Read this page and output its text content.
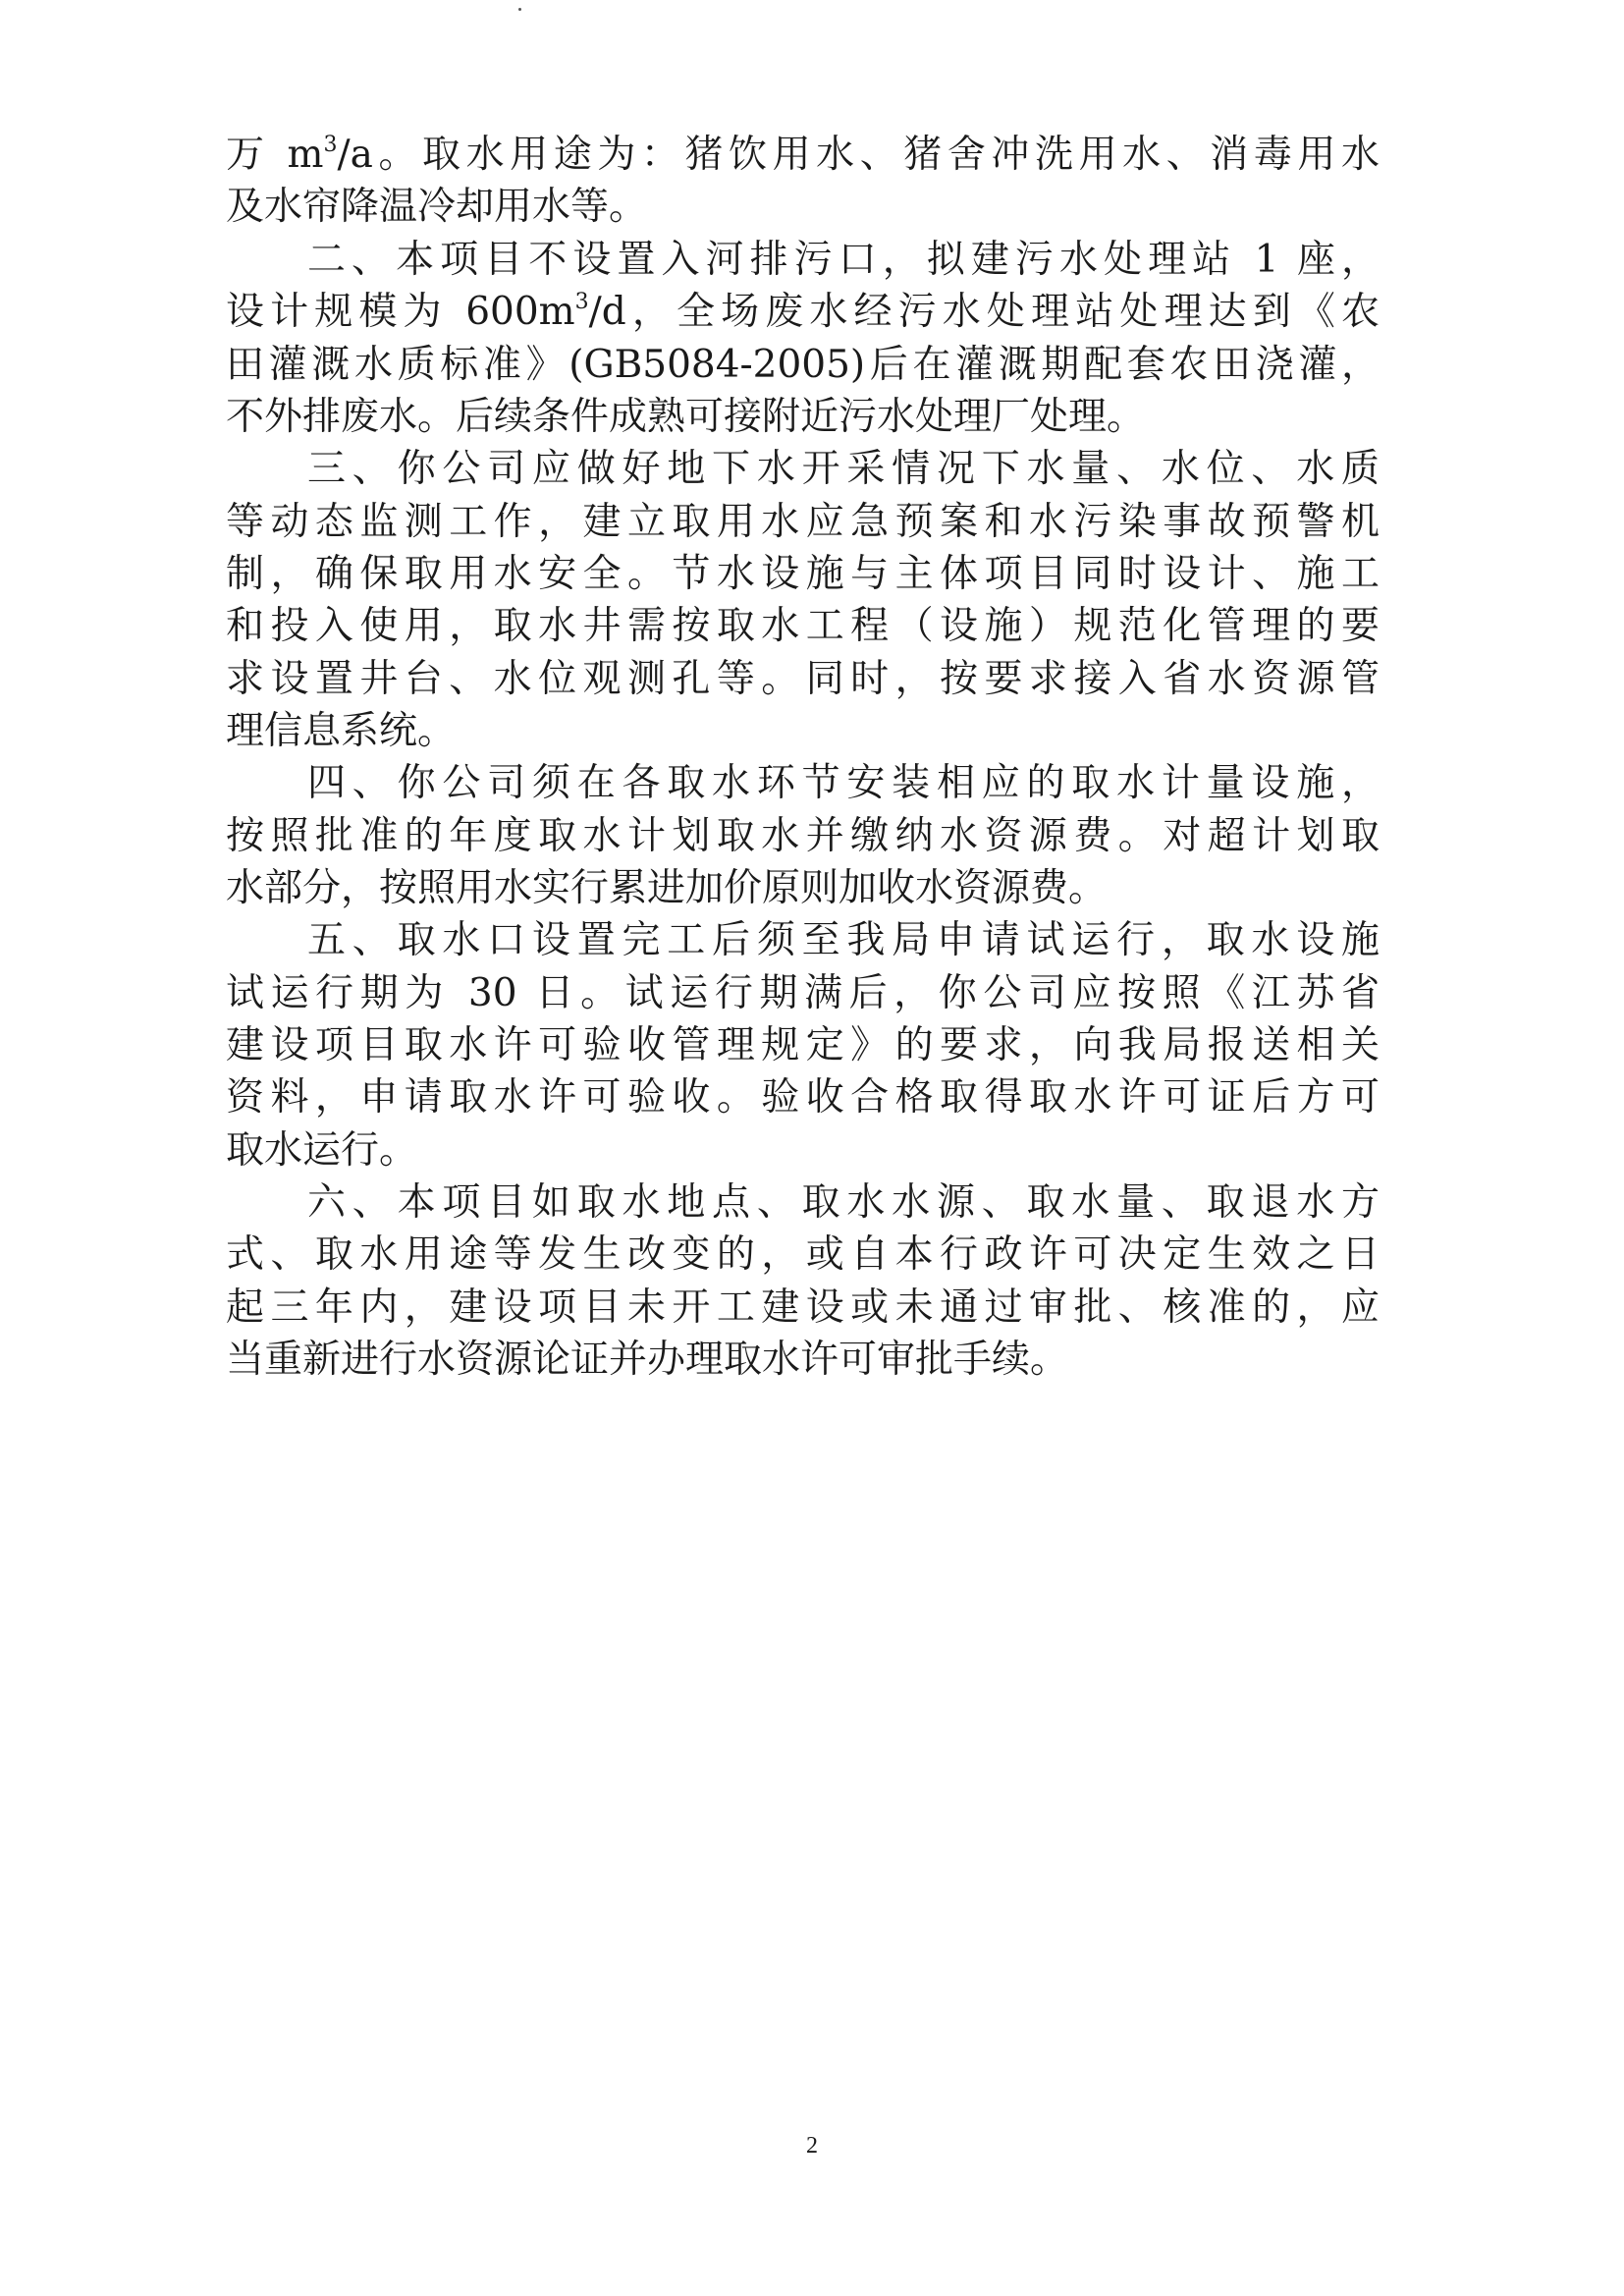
万 $m^3/a$。取水用途为：猪饮用水、猪舍冲洗用水、消毒用水
及水帘降温冷却用水等。
二、本项目不设置入河排污口，拟建污水处理站 1 座，
设计规模为 $600m^3/d$，全场废水经污水处理站处理达到《农
田灌溉水质标准》(GB5084-2005)后在灌溉期配套农田浇灌，
不外排废水。后续条件成熟可接附近污水处理厂处理。
三、你公司应做好地下水开采情况下水量、水位、水质
等动态监测工作，建立取用水应急预案和水污染事故预警机
制，确保取用水安全。节水设施与主体项目同时设计、施工
和投入使用，取水井需按取水工程（设施）规范化管理的要
求设置井台、水位观测孔等。同时，按要求接入省水资源管
理信息系统。
四、你公司须在各取水环节安装相应的取水计量设施，
按照批准的年度取水计划取水并缴纳水资源费。对超计划取
水部分，按照用水实行累进加价原则加收水资源费。
五、取水口设置完工后须至我局申请试运行，取水设施
试运行期为 30 日。试运行期满后，你公司应按照《江苏省
建设项目取水许可验收管理规定》的要求，向我局报送相关
资料，申请取水许可验收。验收合格取得取水许可证后方可
取水运行。
六、本项目如取水地点、取水水源、取水量、取退水方
式、取水用途等发生改变的，或自本行政许可决定生效之日
起三年内，建设项目未开工建设或未通过审批、核准的，应
当重新进行水资源论证并办理取水许可审批手续。
2
